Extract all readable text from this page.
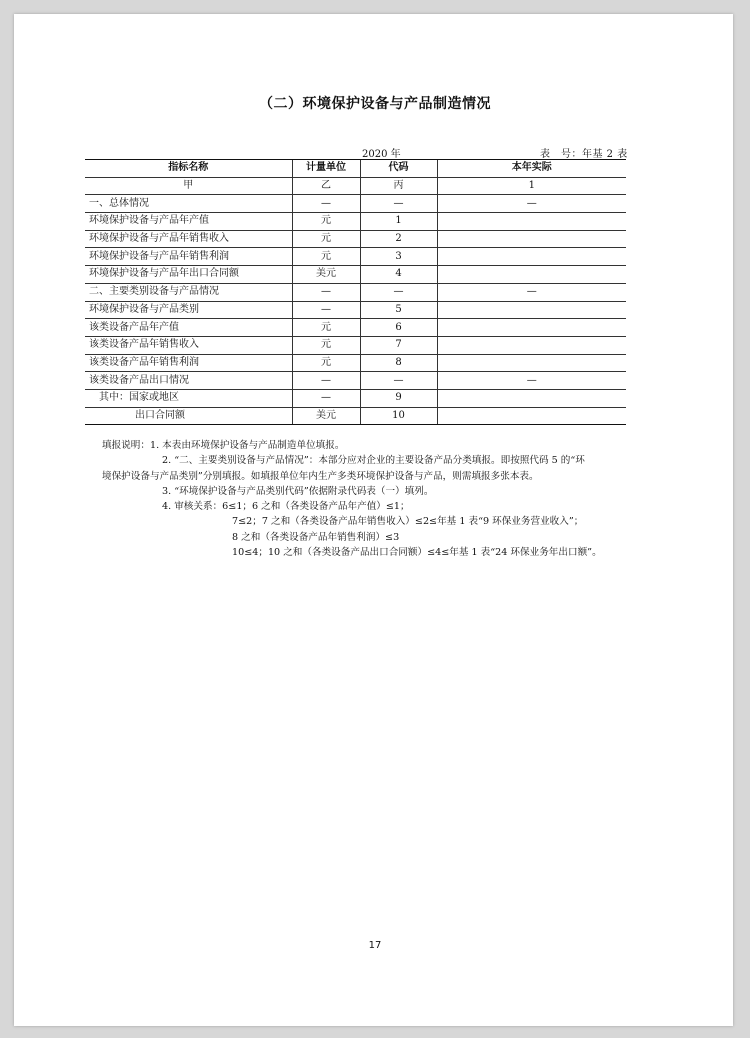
（二）环境保护设备与产品制造情况
2020 年	表　号：年基 2 表
指标名称	计量单位	代码	本年实际
甲	乙	丙	1
一、总体情况	—	—	—
环境保护设备与产品年产值	元	1	
环境保护设备与产品年销售收入	元	2	
环境保护设备与产品年销售利润	元	3	
环境保护设备与产品年出口合同额	美元	4	
二、主要类别设备与产品情况	—	—	—
环境保护设备与产品类别	—	5	
该类设备产品年产值	元	6	
该类设备产品年销售收入	元	7	
该类设备产品年销售利润	元	8	
该类设备产品出口情况	—	—	—
其中：国家或地区	—	9	
出口合同额	美元	10	
填报说明：1. 本表由环境保护设备与产品制造单位填报。
2. “二、主要类别设备与产品情况”：本部分应对企业的主要设备产品分类填报。即按照代码 5 的“环
境保护设备与产品类别”分别填报。如填报单位年内生产多类环境保护设备与产品，则需填报多张本表。
3. “环境保护设备与产品类别代码”依据附录代码表（一）填列。
4. 审核关系：6≤1；6 之和（各类设备产品年产值）≤1；
7≤2；7 之和（各类设备产品年销售收入）≤2≤年基 1 表“9 环保业务营业收入”；
8 之和（各类设备产品年销售利润）≤3
10≤4；10 之和（各类设备产品出口合同额）≤4≤年基 1 表“24 环保业务年出口额”。
17
